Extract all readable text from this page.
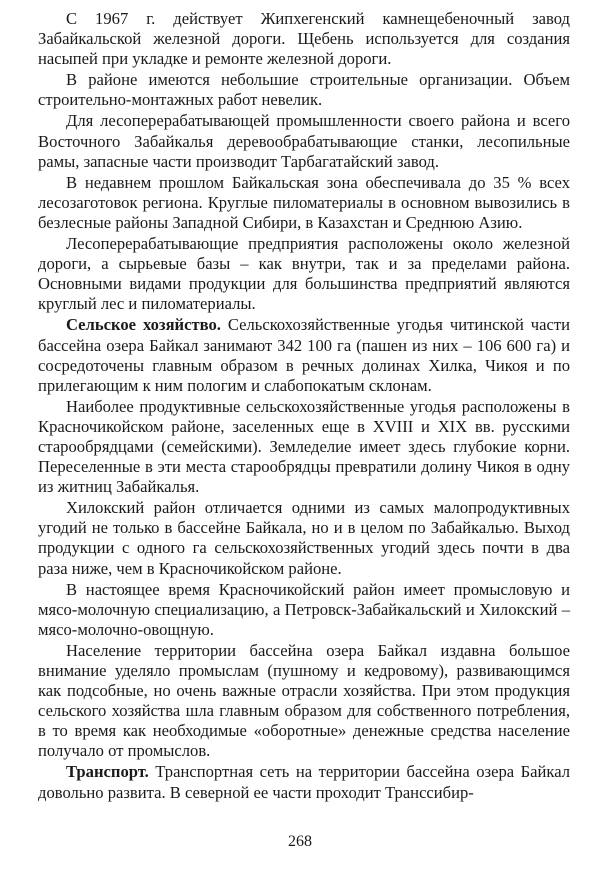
С 1967 г. действует Жипхегенский камнещебеночный завод Забайкальской железной дороги. Щебень используется для создания насыпей при укладке и ремонте железной дороги.

В районе имеются небольшие строительные организации. Объем строительно-монтажных работ невелик.

Для лесоперерабатывающей промышленности своего района и всего Восточного Забайкалья деревообрабатывающие станки, лесопильные рамы, запасные части производит Тарбагатайский завод.

В недавнем прошлом Байкальская зона обеспечивала до 35 % всех лесозаготовок региона. Круглые пиломатериалы в основном вывозились в безлесные районы Западной Сибири, в Казахстан и Среднюю Азию.

Лесоперерабатывающие предприятия расположены около железной дороги, а сырьевые базы – как внутри, так и за пределами района. Основными видами продукции для большинства предприятий являются круглый лес и пиломатериалы.

Сельское хозяйство. Сельскохозяйственные угодья читинской части бассейна озера Байкал занимают 342 100 га (пашен из них – 106 600 га) и сосредоточены главным образом в речных долинах Хилка, Чикоя и по прилегающим к ним пологим и слабопокатым склонам.

Наиболее продуктивные сельскохозяйственные угодья расположены в Красночикойском районе, заселенных еще в XVIII и XIX вв. русскими старообрядцами (семейскими). Земледелие имеет здесь глубокие корни. Переселенные в эти места старообрядцы превратили долину Чикоя в одну из житниц Забайкалья.

Хилокский район отличается одними из самых малопродуктивных угодий не только в бассейне Байкала, но и в целом по Забайкалью. Выход продукции с одного га сельскохозяйственных угодий здесь почти в два раза ниже, чем в Красночикойском районе.

В настоящее время Красночикойский район имеет промысловую и мясо-молочную специализацию, а Петровск-Забайкальский и Хилокский – мясо-молочно-овощную.

Население территории бассейна озера Байкал издавна большое внимание уделяло промыслам (пушному и кедровому), развивающимся как подсобные, но очень важные отрасли хозяйства. При этом продукция сельского хозяйства шла главным образом для собственного потребления, в то время как необходимые «оборотные» денежные средства население получало от промыслов.

Транспорт. Транспортная сеть на территории бассейна озера Байкал довольно развита. В северной ее части проходит Транссибир-

268
